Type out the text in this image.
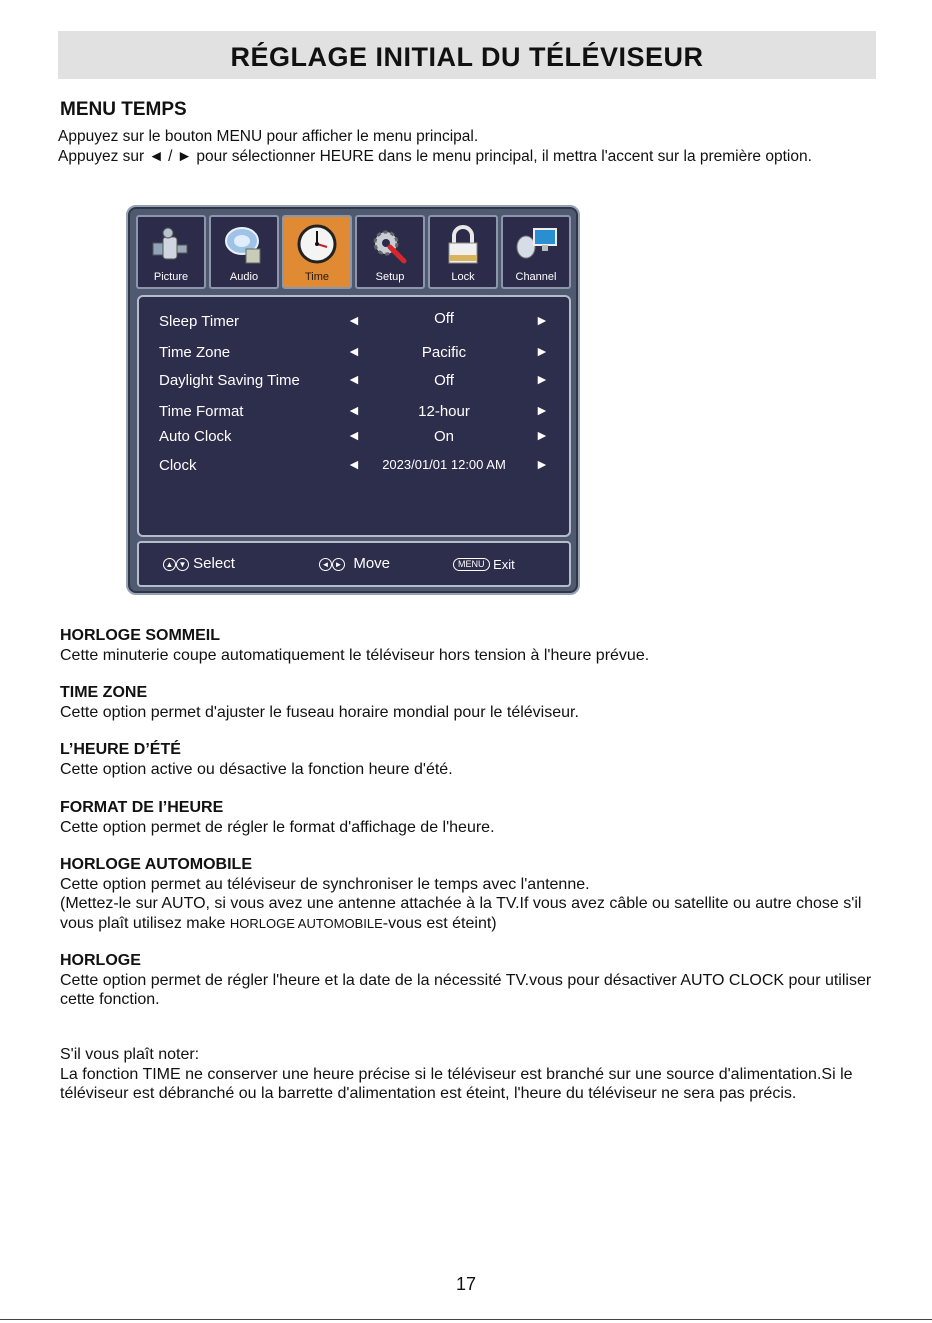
RÉGLAGE INITIAL DU TÉLÉVISEUR
MENU TEMPS

Appuyez sur le bouton MENU pour afficher le menu principal.

Appuyez sur ◄ / ► pour sélectionner HEURE dans le menu principal, il mettra l'accent sur la première option.

Picture	Audio	Time	Setup	Lock	Channel
Sleep Timer	◄	Off	►
Time Zone	◄	Pacific	►
Daylight Saving Time	◄	Off	►
Time Format	◄	12-hour	►
Auto Clock	◄	On	►
Clock	◄	2023/01/01 12:00 AM	►
▲ ▼ Select	◄ ► Move	MENU Exit
HORLOGE SOMMEIL

Cette minuterie coupe automatiquement le téléviseur hors tension à l'heure prévue.

TIME ZONE

Cette option permet d'ajuster le fuseau horaire mondial pour le téléviseur.

L’HEURE D’ÉTÉ

Cette option active ou désactive la fonction heure d'été.

FORMAT DE I’HEURE

Cette option permet de régler le format d'affichage de l'heure.

HORLOGE AUTOMOBILE

Cette option permet au téléviseur de synchroniser le temps avec l'antenne.

(Mettez-le sur AUTO, si vous avez une antenne attachée à la TV.If vous avez câble ou satellite ou autre chose s'il vous plaît utilisez make HORLOGE AUTOMOBILE-vous est éteint)

HORLOGE

Cette option permet de régler l'heure et la date de la nécessité TV.vous pour désactiver AUTO CLOCK pour utiliser cette fonction.

S'il vous plaît noter:

La fonction TIME ne conserver une heure précise si le téléviseur est branché sur une source d'alimentation.Si le téléviseur est débranché ou la barrette d'alimentation est éteint, l'heure du téléviseur ne sera pas précis.

17
